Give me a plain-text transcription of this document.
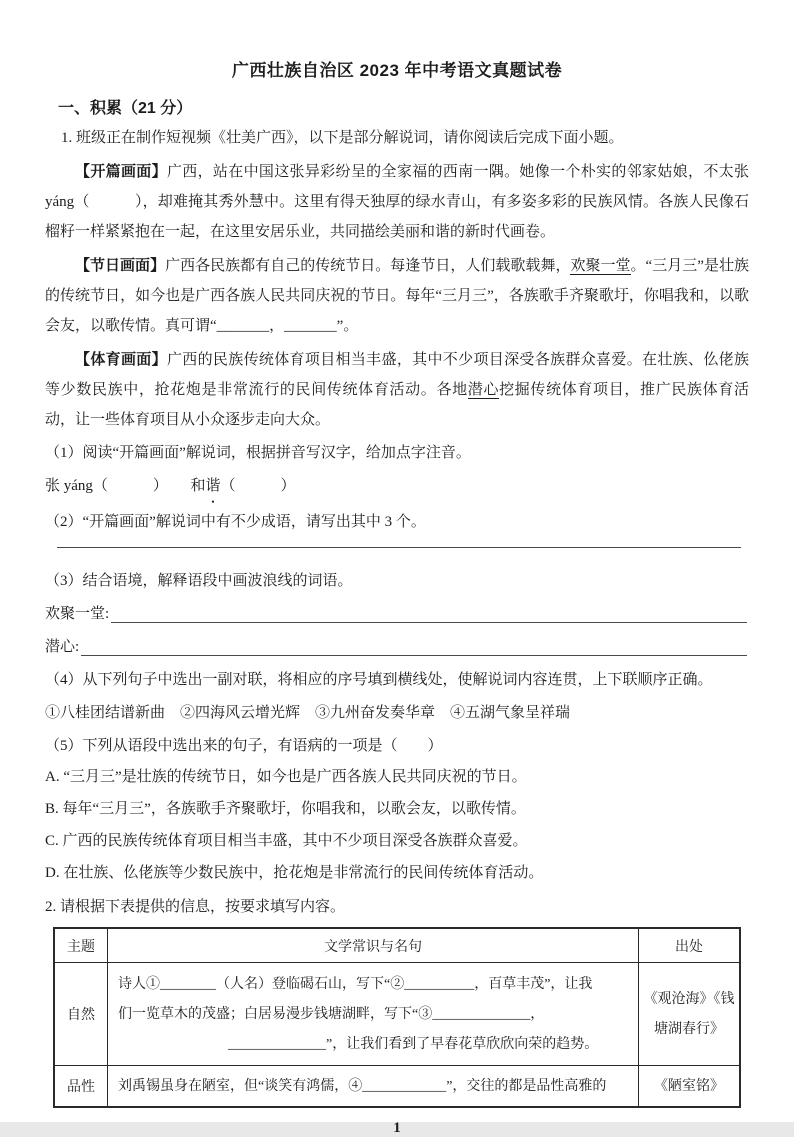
广西壮族自治区 2023 年中考语文真题试卷
一、积累（21 分）

1. 班级正在制作短视频《壮美广西》，以下是部分解说词，请你阅读后完成下面小题。

【开篇画面】广西，站在中国这张异彩纷呈的全家福的西南一隅。她像一个朴实的邻家姑娘，不太张 yáng（　　　），却难掩其秀外慧中。这里有得天独厚的绿水青山，有多姿多彩的民族风情。各族人民像石榴籽一样紧紧抱在一起，在这里安居乐业，共同描绘美丽和谐的新时代画卷。

【节日画面】广西各民族都有自己的传统节日。每逢节日，人们载歌载舞，欢聚一堂。“三月三”是壮族的传统节日，如今也是广西各族人民共同庆祝的节日。每年“三月三”，各族歌手齐聚歌圩，你唱我和，以歌会友，以歌传情。真可谓“_______，_______”。

【体育画面】广西的民族传统体育项目相当丰盛，其中不少项目深受各族群众喜爱。在壮族、仫佬族等少数民族中，抢花炮是非常流行的民间传统体育活动。各地潜心挖掘传统体育项目，推广民族体育活动，让一些体育项目从小众逐步走向大众。

（1）阅读“开篇画面”解说词，根据拼音写汉字，给加点字注音。

张 yáng（　　　）　　 和谐（　　　）

（2）“开篇画面”解说词中有不少成语，请写出其中 3 个。

（3）结合语境，解释语段中画波浪线的词语。

欢聚一堂:
潜心:

（4）从下列句子中选出一副对联，将相应的序号填到横线处，使解说词内容连贯，上下联顺序正确。

①八桂团结谱新曲　②四海风云增光辉　③九州奋发奏华章　④五湖气象呈祥瑞

（5）下列从语段中选出来的句子，有语病的一项是（　　）

A. “三月三”是壮族的传统节日，如今也是广西各族人民共同庆祝的节日。

B. 每年“三月三”，各族歌手齐聚歌圩，你唱我和，以歌会友，以歌传情。

C. 广西的民族传统体育项目相当丰盛，其中不少项目深受各族群众喜爱。

D. 在壮族、仫佬族等少数民族中，抢花炮是非常流行的民间传统体育活动。

2. 请根据下表提供的信息，按要求填写内容。

主题	文学常识与名句	出处
自然	诗人①________（人名）登临碣石山，写下“②__________，百草丰茂”，让我
们一览草木的茂盛；白居易漫步钱塘湖畔，写下“③______________，
______________”，让我们看到了早春花草欣欣向荣的趋势。	《观沧海》《钱塘湖春行》
品性	刘禹锡虽身在陋室，但“谈笑有鸿儒，④____________”，交往的都是品性高雅的	《陋室铭》
1
